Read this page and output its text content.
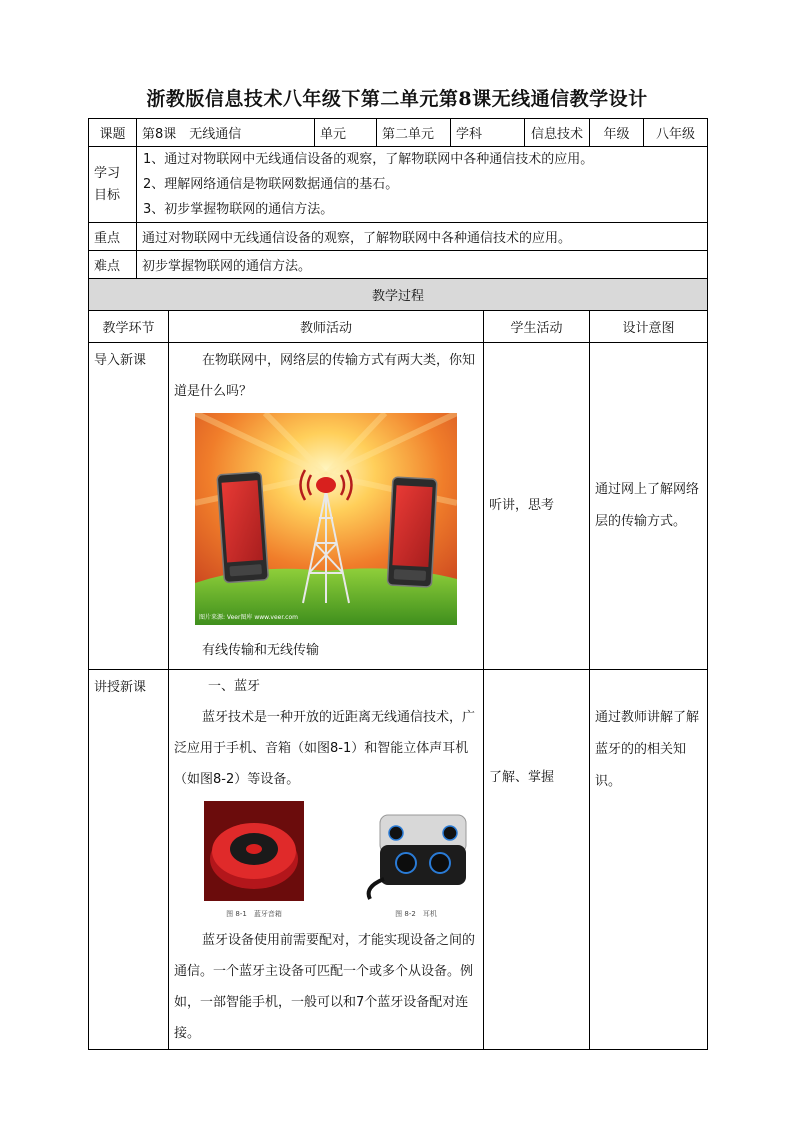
浙教版信息技术八年级下第二单元第8课无线通信教学设计
课题	第8课　无线通信		单元	第二单元	学科		信息技术	年级	八年级

学习目标	1、通过对物联网中无线通信设备的观察，了解物联网中各种通信技术的应用。
2、理解网络通信是物联网数据通信的基石。
3、初步掌握物联网的通信方法。								

重点	通过对物联网中无线通信设备的观察，了解物联网中各种通信技术的应用。								
难点	初步掌握物联网的通信方法。								
教学过程									
教学环节		教师活动				学生活动		设计意图	
导入新课		在物联网中，网络层的传输方式有两大类，你知道是什么吗？
图片来源: Veer图库 www.veer.com
有线传输和无线传输				听讲，思考		通过网上了解网络层的传输方式。	
讲授新课		一、蓝牙
蓝牙技术是一种开放的近距离无线通信技术，广泛应用于手机、音箱（如图8-1）和智能立体声耳机（如图8-2）等设备。
图 8-1　蓝牙音箱 图 8-2　耳机
蓝牙设备使用前需要配对，才能实现设备之间的通信。一个蓝牙主设备可匹配一个或多个从设备。例如，一部智能手机，一般可以和7个蓝牙设备配对连接。				了解、掌握		通过教师讲解了解蓝牙的的相关知识。	
